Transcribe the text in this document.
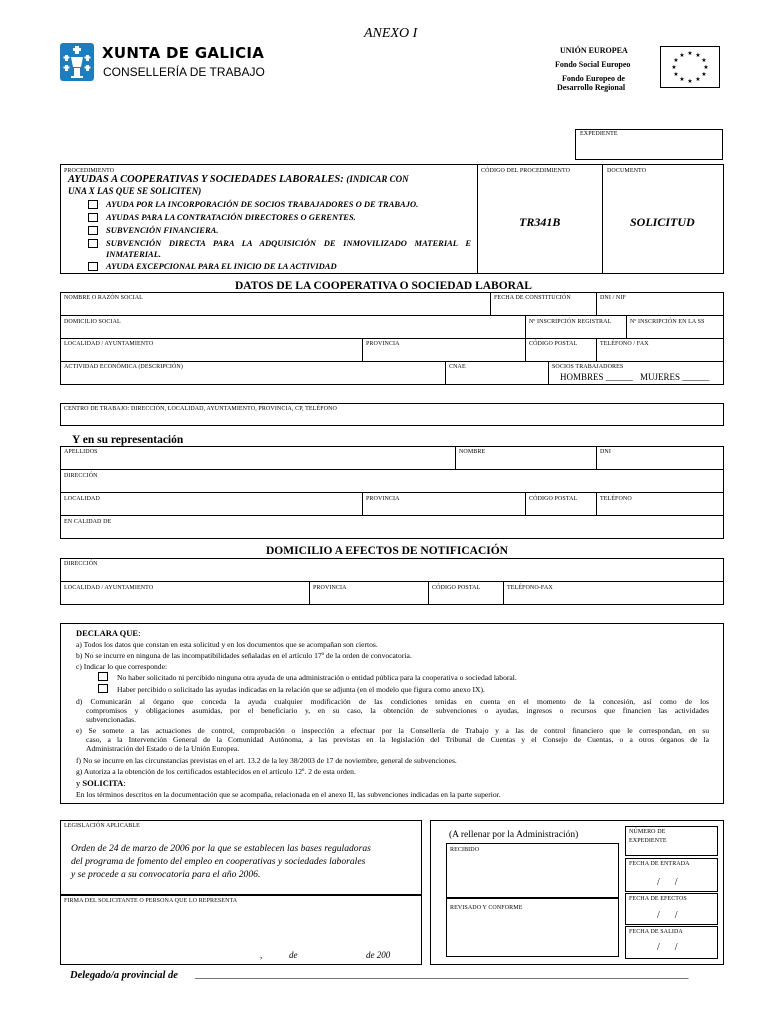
ANEXO I
XUNTA DE GALICIA
CONSELLERÍA DE TRABAJO
UNIÓN EUROPEA
Fondo Social Europeo
Fondo Europeo de
Desarrollo Regional
★ ★
★
★
★
★
★
★
★
★
★
★
EXPEDIENTE
PROCEDIMIENTO
AYUDAS A COOPERATIVAS Y SOCIEDADES LABORALES: (INDICAR CON
UNA X LAS QUE SE SOLICITEN)
AYUDA POR LA INCORPORACIÓN DE SOCIOS TRABAJADORES O DE TRABAJO.
AYUDAS PARA LA CONTRATACIÓN DIRECTORES O GERENTES.
SUBVENCIÓN FINANCIERA.
SUBVENCIÓN DIRECTA PARA LA ADQUISICIÓN DE INMOVILIZADO MATERIAL E
INMATERIAL.
AYUDA EXCEPCIONAL PARA EL INICIO DE LA ACTIVIDAD
CÓDIGO DEL PROCEDIMIENTO
TR341B
DOCUMENTO
SOLICITUD
DATOS DE LA COOPERATIVA O SOCIEDAD LABORAL
NOMBRE O RAZÓN SOCIAL	FECHA DE CONSTITUCIÓN	DNI / NIF
DOMICILIO SOCIAL	Nº INSCRIPCIÓN REGISTRAL	Nº INSCRIPCIÓN EN LA SS
LOCALIDAD / AYUNTAMIENTO	PROVINCIA	CÓDIGO POSTAL	TELÉFONO / FAX
ACTIVIDAD ECONÓMICA (DESCRIPCIÓN)	CNAE	SOCIOS TRABAJADORES
HOMBRES ______ MUJERES ______
CENTRO DE TRABAJO: DIRECCIÓN, LOCALIDAD, AYUNTAMIENTO, PROVINCIA, CP, TELÉFONO
Y en su representación
APELLIDOS	NOMBRE	DNI
DIRECCIÓN
LOCALIDAD	PROVINCIA	CÓDIGO POSTAL	TELÉFONO
EN CALIDAD DE
DOMICILIO A EFECTOS DE NOTIFICACIÓN
DIRECCIÓN
LOCALIDAD / AYUNTAMIENTO	PROVINCIA	CÓDIGO POSTAL	TELÉFONO-FAX
DECLARA QUE:
a) Todos los datos que constan en esta solicitud y en los documentos que se acompañan son ciertos.
b) No se incurre en ninguna de las incompatibilidades señaladas en el artículo 17º de la orden de convocatoria.
c) Indicar lo que corresponde:
No haber solicitado ni percibido ninguna otra ayuda de una administración o entidad pública para la cooperativa o sociedad laboral.
Haber percibido o solicitado las ayudas indicadas en la relación que se adjunta (en el modelo que figura como anexo IX).
d) Comunicarán al órgano que conceda la ayuda cualquier modificación de las condiciones tenidas en cuenta en el momento de la concesión, así como de los
compromisos y obligaciones asumidas, por el beneficiario y, en su caso, la obtención de subvenciones o ayudas, ingresos o recursos que financien las actividades
subvencionadas.
e) Se somete a las actuaciones de control, comprobación o inspección a efectuar por la Consellería de Trabajo y a las de control financiero que le correspondan, en su
caso, a la Intervención General de la Comunidad Autónoma, a las previstas en la legislación del Tribunal de Cuentas y el Consejo de Cuentas, o a otros órganos de la
Administración del Estado o de la Unión Europea.
f) No se incurre en las circunstancias previstas en el art. 13.2 de la ley 38/2003 de 17 de noviembre, general de subvenciones.
g) Autoriza a la obtención de los certificados establecidos en el artículo 12º. 2 de esta orden.
y SOLICITA:
En los términos descritos en la documentación que se acompaña, relacionada en el anexo II, las subvenciones indicadas en la parte superior.
LEGISLACIÓN APLICABLE
Orden de 24 de marzo de 2006 por la que se establecen las bases reguladoras
del programa de fomento del empleo en cooperativas y sociedades laborales
y se procede a su convocatoria para el año 2006.
FIRMA DEL SOLICITANTE O PERSONA QUE LO REPRESENTA
,	de	de 200
Delegado/a provincial de ______________________________________________________________________________________________
(A rellenar por la Administración)
RECIBIDO
REVISADO Y CONFORME
NÚMERO DE
EXPEDIENTE
FECHA DE ENTRADA
/      /
FECHA DE EFECTOS
/      /
FECHA DE SALIDA
/      /
